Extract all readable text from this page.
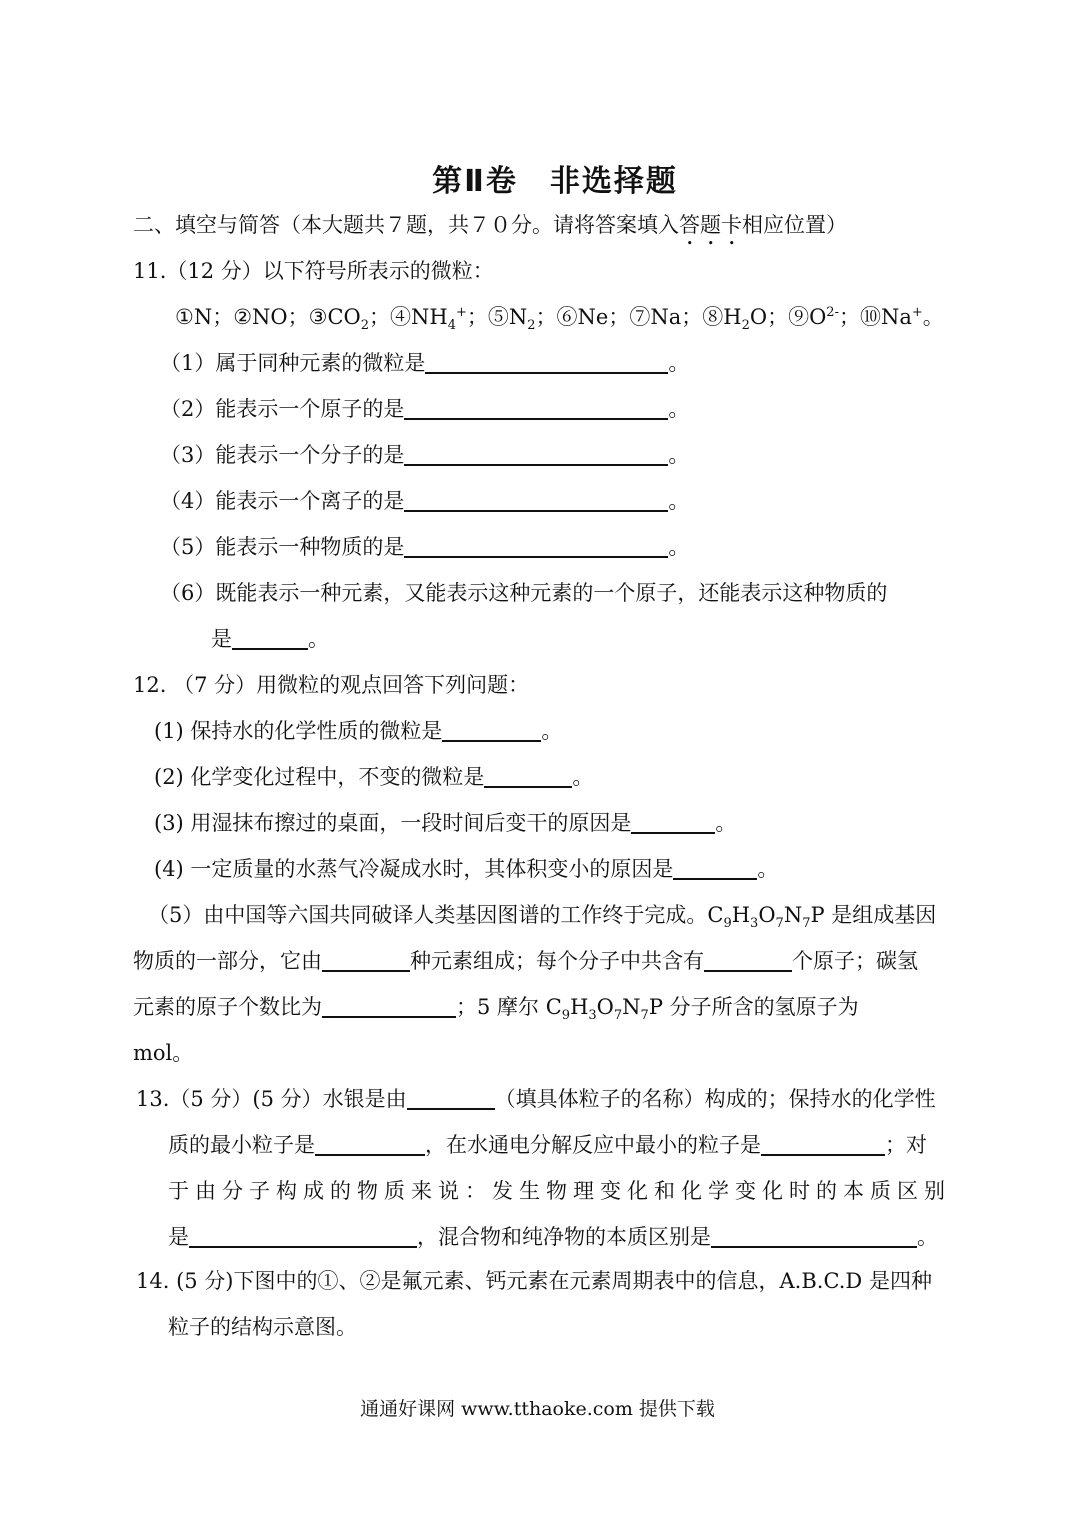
第Ⅱ卷　非选择题
二、填空与简答（本大题共７题，共７０分。请将答案填入答题卡相应位置）
11.（12 分）以下符号所表示的微粒：
①N；②NO；$③CO_2$；$④NH_4^+$；$⑤N_2$；⑥Ne；⑦Na；$⑧H_2O$；$⑨O^{2-}$；⑩Na+。
（1）属于同种元素的微粒是	。
（2）能表示一个原子的是	。
（3）能表示一个分子的是	。
（4）能表示一个离子的是	。
（5）能表示一种物质的是	。
（6）既能表示一种元素，又能表示这种元素的一个原子，还能表示这种物质的
是	。
12. （7 分）用微粒的观点回答下列问题：
(1) 保持水的化学性质的微粒是	。
(2) 化学变化过程中，不变的微粒是	。
(3) 用湿抹布擦过的桌面，一段时间后变干的原因是	。
(4) 一定质量的水蒸气冷凝成水时，其体积变小的原因是	。
（5）由中国等六国共同破译人类基因图谱的工作终于完成。$C_9H_3O_7N_7P$ 是组成基因
物质的一部分，它由	种元素组成；每个分子中共含有	个原子；碳氢
元素的原子个数比为	；5 摩尔 $C_9H_3O_7N_7P$ 分子所含的氢原子为
mol。
13.（5 分）(5 分）水银是由	（填具体粒子的名称）构成的；保持水的化学性
质的最小粒子是	，在水通电分解反应中最小的粒子是	；对
于由分子构成的物质来说：发生物理变化和化学变化时的本质区别
是	，混合物和纯净物的本质区别是	。
14. (5 分)下图中的①、②是氟元素、钙元素在元素周期表中的信息，A.B.C.D 是四种
粒子的结构示意图。
通通好课网 www.tthaoke.com 提供下载
